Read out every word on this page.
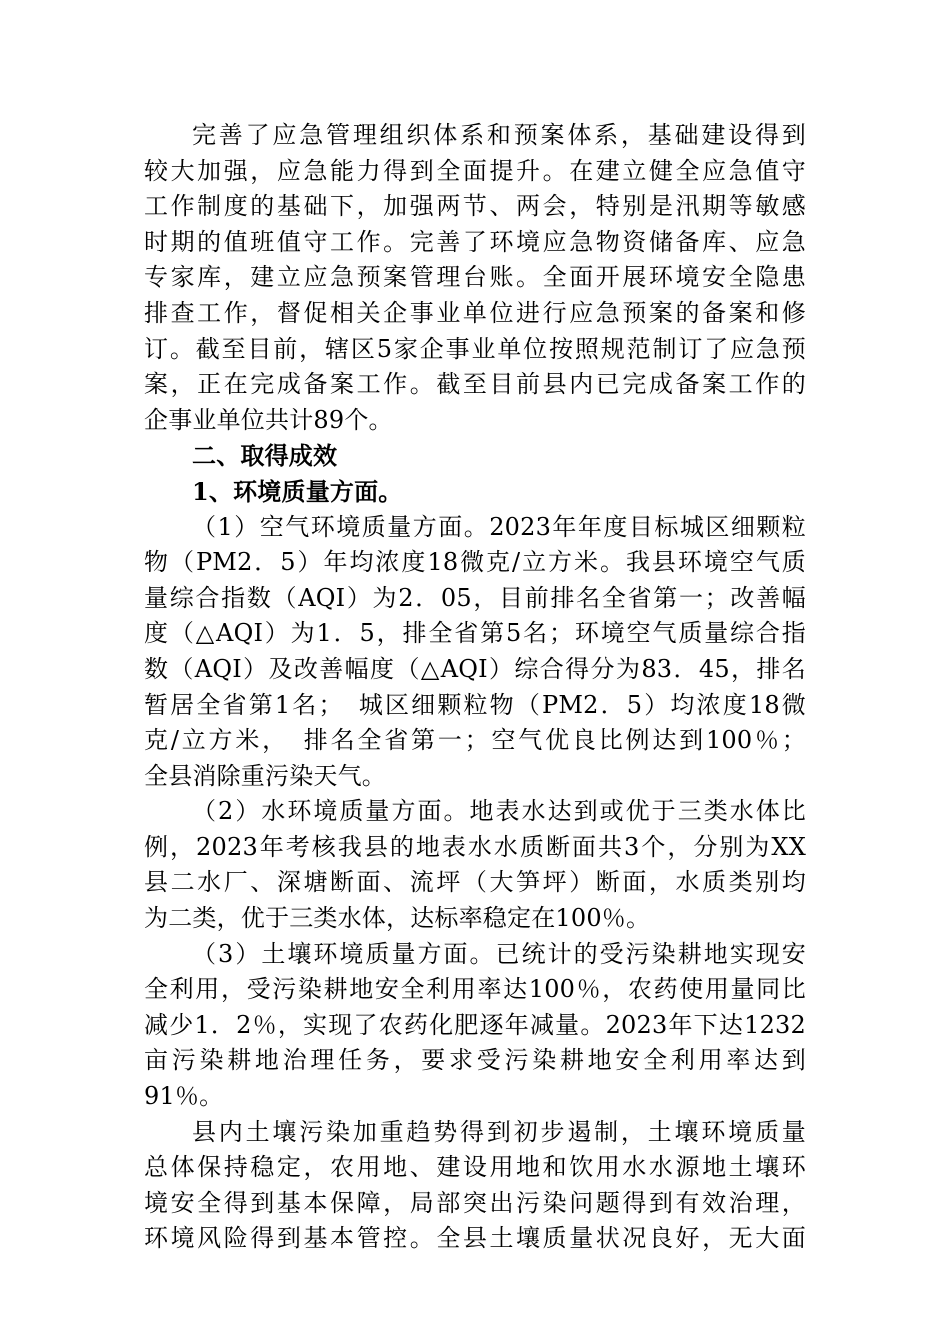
完善了应急管理组织体系和预案体系，基础建设得到
较大加强，应急能力得到全面提升。在建立健全应急值守
工作制度的基础下，加强两节、两会，特别是汛期等敏感
时期的值班值守工作。完善了环境应急物资储备库、应急
专家库，建立应急预案管理台账。全面开展环境安全隐患
排查工作，督促相关企事业单位进行应急预案的备案和修
订。截至目前，辖区5家企事业单位按照规范制订了应急预
案，正在完成备案工作。截至目前县内已完成备案工作的
企事业单位共计89个。
二、取得成效
1、环境质量方面。
（1）空气环境质量方面。2023年年度目标城区细颗粒
物（PM2．5）年均浓度18微克/立方米。我县环境空气质
量综合指数（AQI）为2．05，目前排名全省第一；改善幅
度（△AQI）为1．5，排全省第5名；环境空气质量综合指
数（AQI）及改善幅度（△AQI）综合得分为83．45，排名
暂居全省第1名；　城区细颗粒物（PM2．5）均浓度18微
克/立方米，　排名全省第一；空气优良比例达到100％；
全县消除重污染天气。
（2）水环境质量方面。地表水达到或优于三类水体比
例，2023年考核我县的地表水水质断面共3个，分别为XX
县二水厂、深塘断面、流坪（大笋坪）断面，水质类别均
为二类，优于三类水体，达标率稳定在100％。
（3）土壤环境质量方面。已统计的受污染耕地实现安
全利用，受污染耕地安全利用率达100％，农药使用量同比
减少1．2％，实现了农药化肥逐年减量。2023年下达1232
亩污染耕地治理任务，要求受污染耕地安全利用率达到
91％。
县内土壤污染加重趋势得到初步遏制，土壤环境质量
总体保持稳定，农用地、建设用地和饮用水水源地土壤环
境安全得到基本保障，局部突出污染问题得到有效治理，
环境风险得到基本管控。全县土壤质量状况良好，无大面
